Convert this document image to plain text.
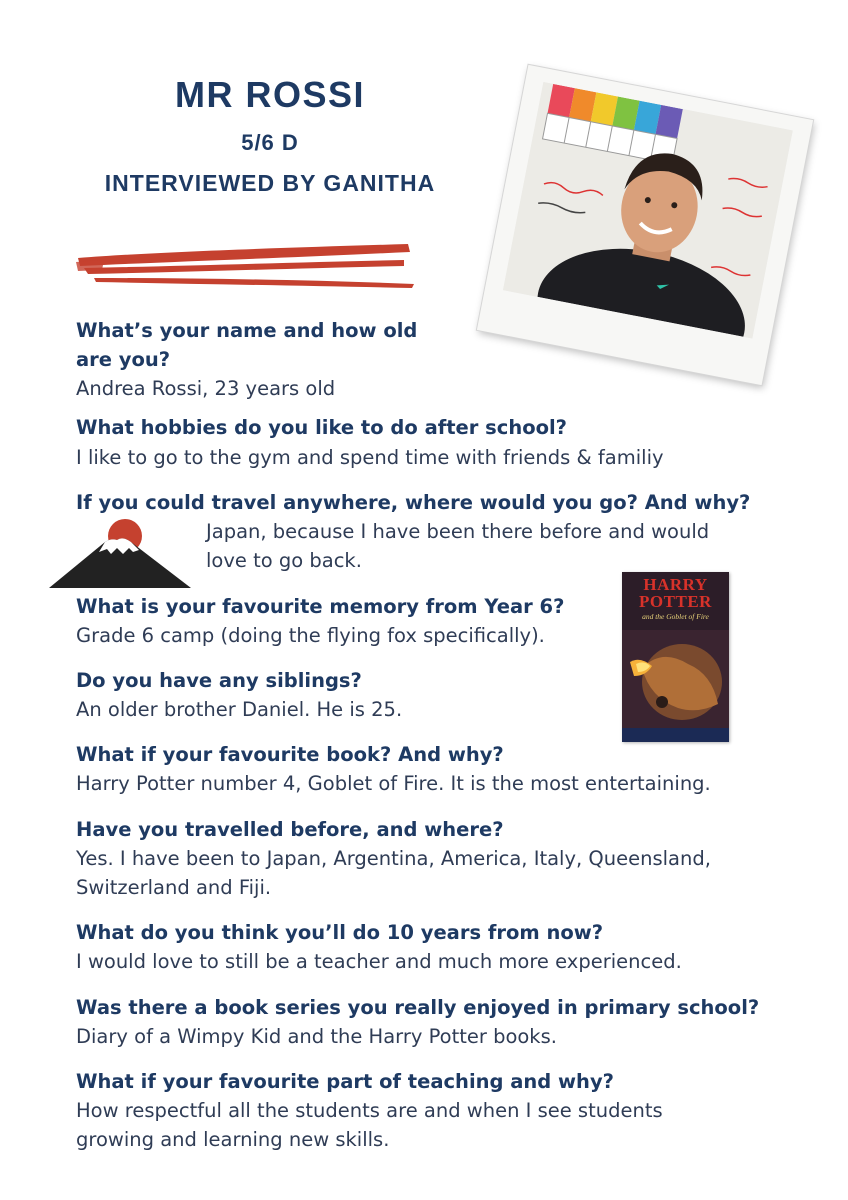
MR ROSSI
5/6 D
INTERVIEWED BY GANITHA
What’s your name and how old are you?
Andrea Rossi, 23 years old
What hobbies do you like to do after school?
I like to go to the gym and spend time with friends & familiy
If you could travel anywhere, where would you go? And why?
Japan, because I have been there before and would love to go back.
What is your favourite memory from Year 6?
Grade 6 camp (doing the flying fox specifically).
Do you have any siblings?
An older brother Daniel. He is 25.
HARRY
POTTER
and the Goblet of Fire
What if your favourite book? And why?
Harry Potter number 4, Goblet of Fire. It is the most entertaining.
Have you travelled before, and where?
Yes. I have been to Japan, Argentina, America, Italy, Queensland, Switzerland and Fiji.
What do you think you’ll do 10 years from now?
I would love to still be a teacher and much more experienced.
Was there a book series you really enjoyed in primary school?
Diary of a Wimpy Kid and the Harry Potter books.
What if your favourite part of teaching and why?
How respectful all the students are and when I see students growing and learning new skills.
